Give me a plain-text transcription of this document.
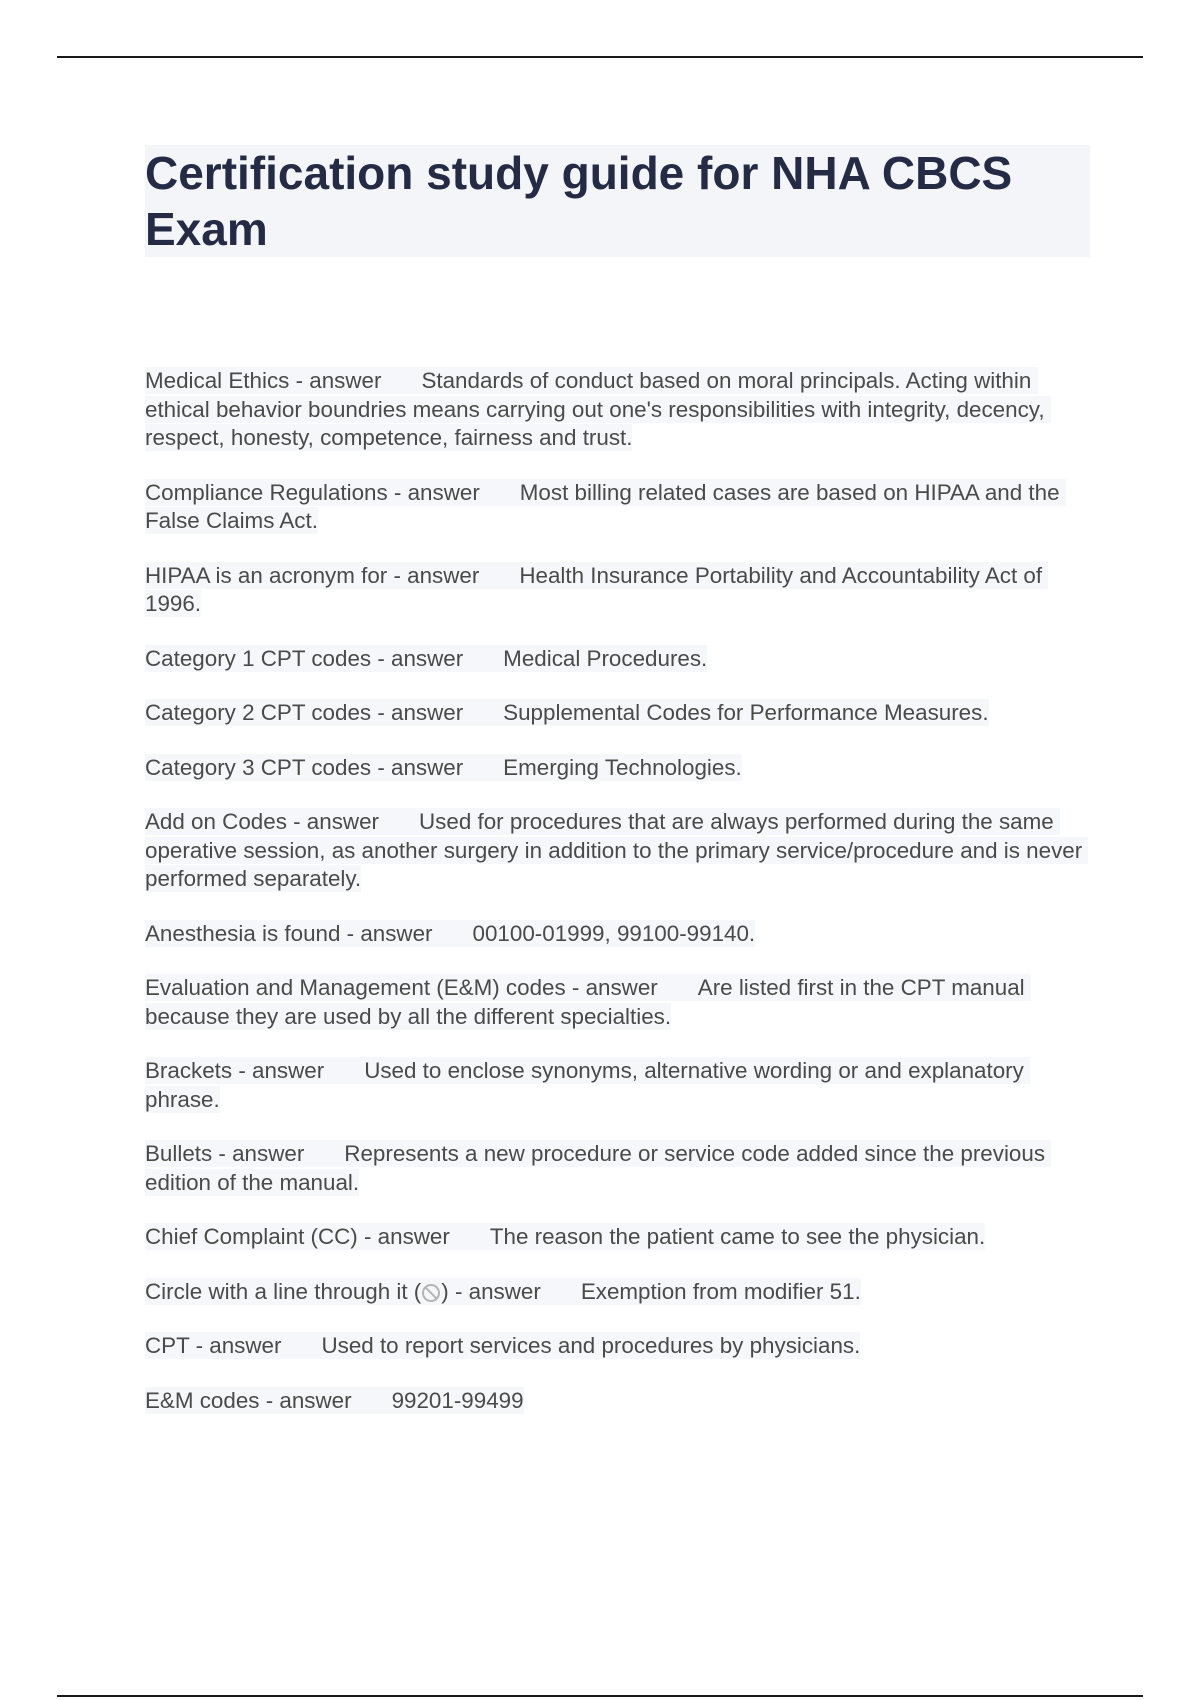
Certification study guide for NHA CBCS Exam

Medical Ethics - answer Standards of conduct based on moral principals. Acting within ethical behavior boundries means carrying out one's responsibilities with integrity, decency, respect, honesty, competence, fairness and trust.

Compliance Regulations - answer Most billing related cases are based on HIPAA and the False Claims Act.

HIPAA is an acronym for - answer Health Insurance Portability and Accountability Act of 1996.

Category 1 CPT codes - answer Medical Procedures.

Category 2 CPT codes - answer Supplemental Codes for Performance Measures.

Category 3 CPT codes - answer Emerging Technologies.

Add on Codes - answer Used for procedures that are always performed during the same operative session, as another surgery in addition to the primary service/procedure and is never performed separately.

Anesthesia is found - answer 00100-01999, 99100-99140.

Evaluation and Management (E&M) codes - answer Are listed first in the CPT manual because they are used by all the different specialties.

Brackets - answer Used to enclose synonyms, alternative wording or and explanatory phrase.

Bullets - answer Represents a new procedure or service code added since the previous edition of the manual.

Chief Complaint (CC) - answer The reason the patient came to see the physician.

Circle with a line through it ( ) - answer Exemption from modifier 51.

CPT - answer Used to report services and procedures by physicians.

E&M codes - answer 99201-99499
